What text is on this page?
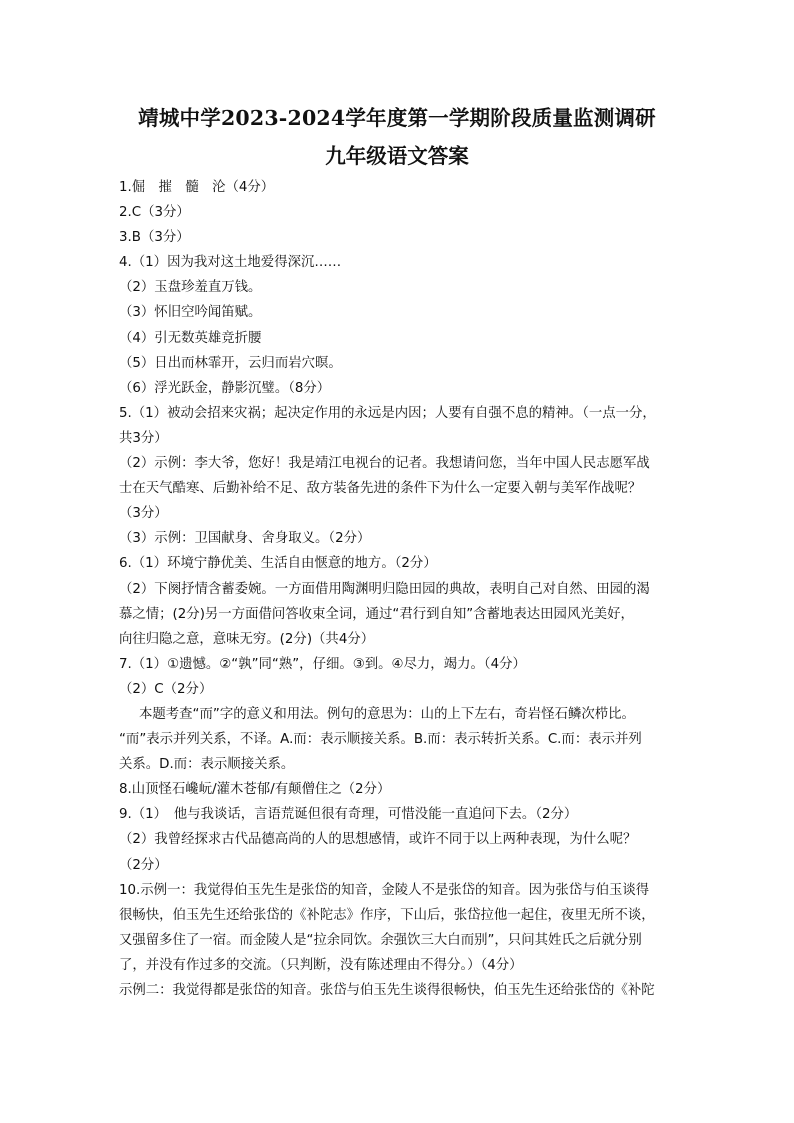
靖城中学2023-2024学年度第一学期阶段质量监测调研
九年级语文答案
1.倔　摧　髓　沦（4分）
2.C（3分）
3.B（3分）
4.（1）因为我对这土地爱得深沉……
（2）玉盘珍羞直万钱。
（3）怀旧空吟闻笛赋。
（4）引无数英雄竞折腰
（5）日出而林霏开，云归而岩穴暝。
（6）浮光跃金，静影沉璧。（8分）
5.（1）被动会招来灾祸；起决定作用的永远是内因；人要有自强不息的精神。（一点一分，
共3分）
（2）示例：李大爷，您好！我是靖江电视台的记者。我想请问您，当年中国人民志愿军战
士在天气酷寒、后勤补给不足、敌方装备先进的条件下为什么一定要入朝与美军作战呢？
（3分）
（3）示例：卫国献身、舍身取义。（2分）
6.（1）环境宁静优美、生活自由惬意的地方。（2分）
（2）下阕抒情含蓄委婉。一方面借用陶渊明归隐田园的典故，表明自己对自然、田园的渴
慕之情；(2分)另一方面借问答收束全词，通过“君行到自知”含蓄地表达田园风光美好，
向往归隐之意，意味无穷。(2分)（共4分）
7.（1）①遗憾。②“孰”同“熟”，仔细。③到。④尽力，竭力。（4分）
（2）C（2分）
本题考查“而”字的意义和用法。例句的意思为：山的上下左右，奇岩怪石鳞次栉比。
“而”表示并列关系，不译。A.而：表示顺接关系。B.而：表示转折关系。C.而：表示并列
关系。D.而：表示顺接关系。
8.山顶怪石巉岏/灌木苍郁/有颠僧住之（2分）
9.（1）　他与我谈话，言语荒诞但很有奇理，可惜没能一直追问下去。（2分）
（2）我曾经探求古代品德高尚的人的思想感情，或许不同于以上两种表现，为什么呢？
（2分）
10.示例一：我觉得伯玉先生是张岱的知音，金陵人不是张岱的知音。因为张岱与伯玉谈得
很畅快，伯玉先生还给张岱的《补陀志》作序，下山后，张岱拉他一起住，夜里无所不谈，
又强留多住了一宿。而金陵人是“拉余同饮。余强饮三大白而别”，只问其姓氏之后就分别
了，并没有作过多的交流。（只判断，没有陈述理由不得分。）（4分）
示例二：我觉得都是张岱的知音。张岱与伯玉先生谈得很畅快，伯玉先生还给张岱的《补陀
